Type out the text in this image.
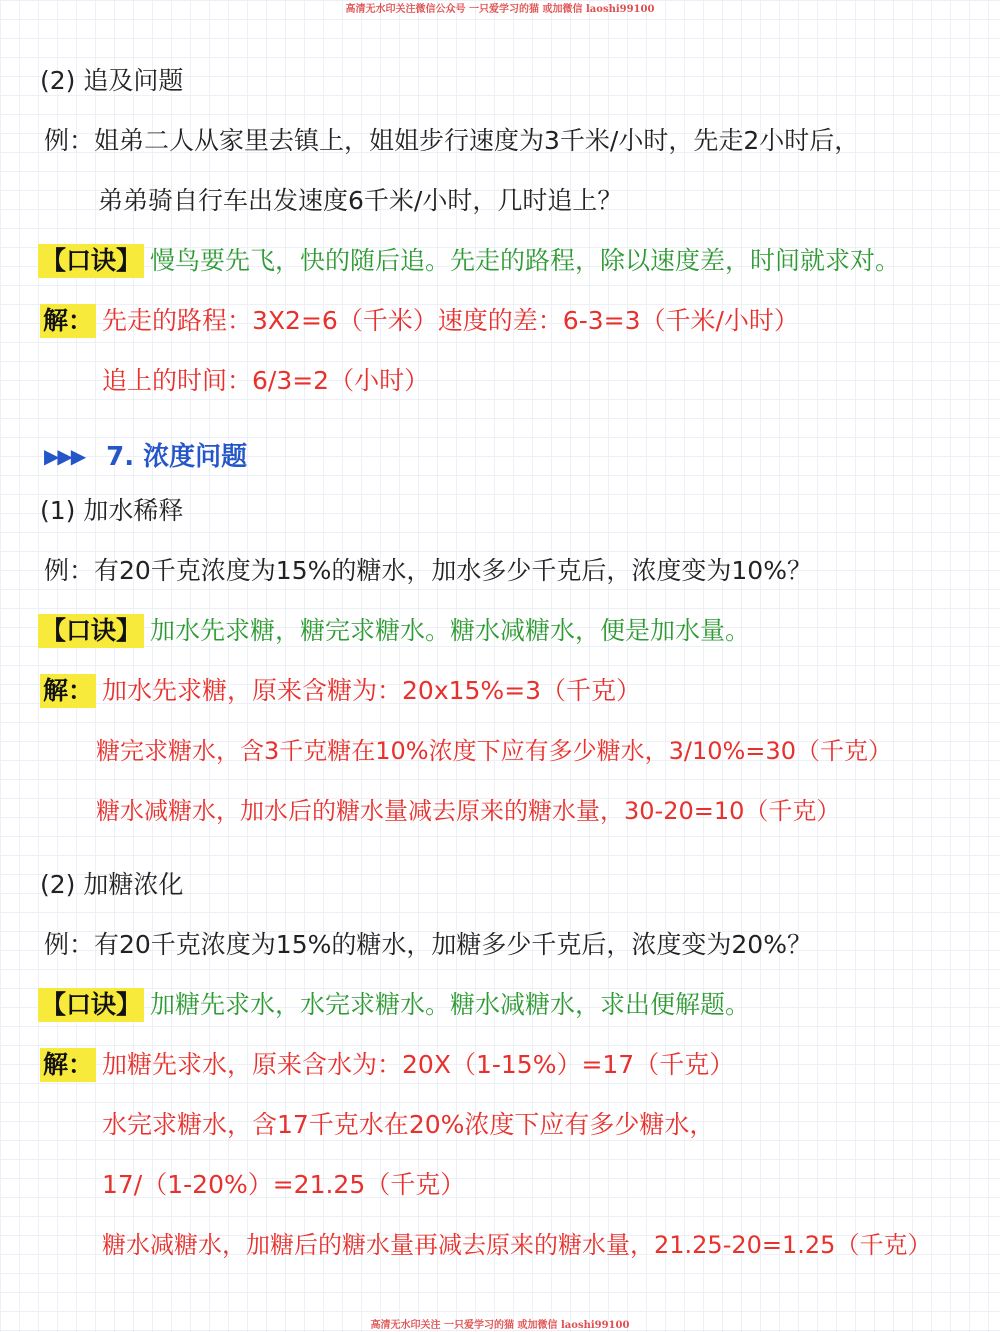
高清无水印关注微信公众号 一只爱学习的猫 或加微信 laoshi99100
(2) 追及问题
例：姐弟二人从家里去镇上，姐姐步行速度为3千米/小时，先走2小时后，
弟弟骑自行车出发速度6千米/小时，几时追上？
【口诀】 慢鸟要先飞，快的随后追。先走的路程，除以速度差，时间就求对。
解： 先走的路程：3X2=6（千米）速度的差：6-3=3（千米/小时）
追上的时间：6/3=2（小时）
▶▶▶ 7. 浓度问题
(1) 加水稀释
例：有20千克浓度为15%的糖水，加水多少千克后，浓度变为10%？
【口诀】 加水先求糖，糖完求糖水。糖水减糖水，便是加水量。
解： 加水先求糖，原来含糖为：20x15%=3（千克）
糖完求糖水，含3千克糖在10%浓度下应有多少糖水，3/10%=30（千克）
糖水减糖水，加水后的糖水量减去原来的糖水量，30-20=10（千克）
(2) 加糖浓化
例：有20千克浓度为15%的糖水，加糖多少千克后，浓度变为20%？
【口诀】 加糖先求水，水完求糖水。糖水减糖水，求出便解题。
解： 加糖先求水，原来含水为：20X（1-15%）=17（千克）
水完求糖水，含17千克水在20%浓度下应有多少糖水，
17/（1-20%）=21.25（千克）
糖水减糖水，加糖后的糖水量再减去原来的糖水量，21.25-20=1.25（千克）
高清无水印关注 一只爱学习的猫 或加微信 laoshi99100
